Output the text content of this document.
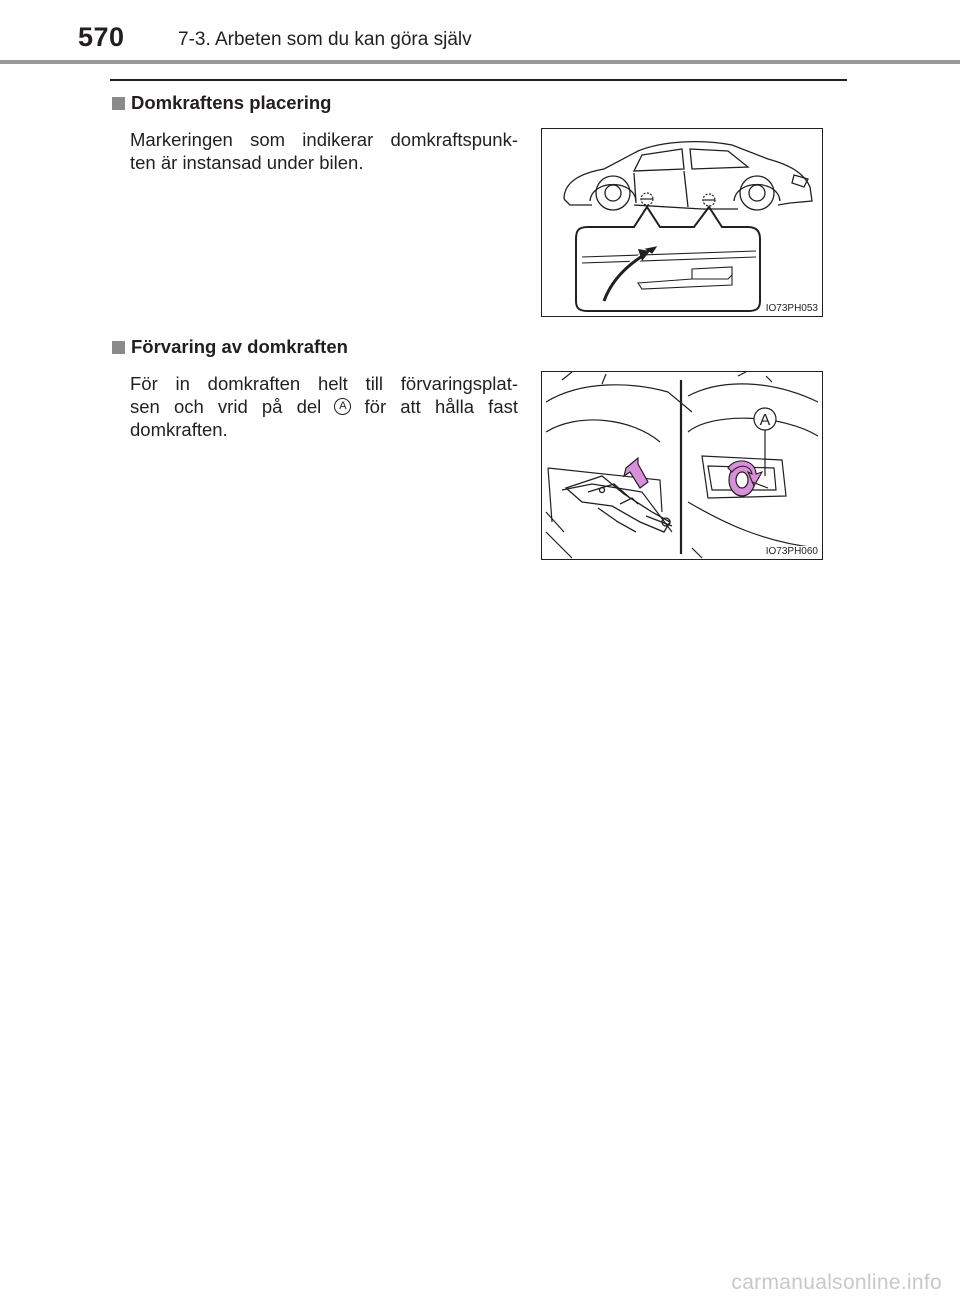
570	7-3. Arbeten som du kan göra själv
Domkraftens placering
Markeringen som indikerar domkraftspunk-
ten är instansad under bilen.
IO73PH053
Förvaring av domkraften
För in domkraften helt till förvaringsplat-
sen och vrid på del	A för att hålla fast
domkraften.	A
IO73PH060
carmanualsonline.info
